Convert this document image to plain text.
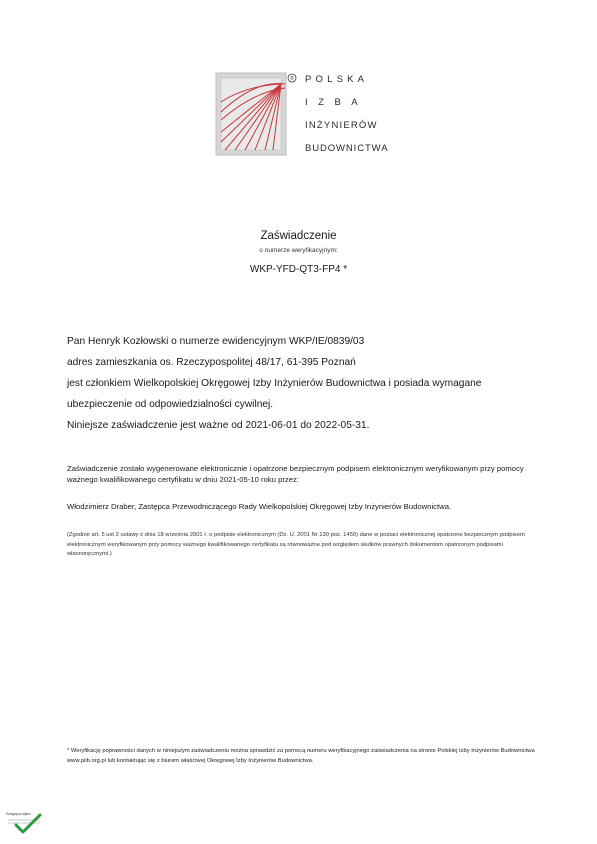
® POLSKA
IZBA
INŻYNIERÓW
BUDOWNICTWA
Zaświadczenie
o numerze weryfikacyjnym:
WKP-YFD-QT3-FP4 *
Pan Henryk Kozłowski o numerze ewidencyjnym WKP/IE/0839/03
adres zamieszkania os. Rzeczypospolitej 48/17, 61-395 Poznań
jest członkiem Wielkopolskiej Okręgowej Izby Inżynierów Budownictwa i posiada wymagane
ubezpieczenie od odpowiedzialności cywilnej.
Niniejsze zaświadczenie jest ważne od 2021-06-01 do 2022-05-31.
Zaświadczenie zostało wygenerowane elektronicznie i opatrzone bezpiecznym podpisem elektronicznym weryfikowanym przy pomocy ważnego kwalifikowanego certyfikatu w dniu 2021-05-10 roku przez:
Włodzimierz Draber, Zastępca Przewodniczącego Rady Wielkopolskiej Okręgowej Izby Inżynierów Budownictwa.
(Zgodnie art. 5 ust 2 ustawy z dnia 18 września 2001 r. o podpisie elektronicznym (Dz. U. 2001 Nr 130 poz. 1450) dane w postaci elektronicznej opatrzone bezpiecznym podpisem elektronicznym weryfikowanym przy pomocy ważnego kwalifikowanego certyfikatu są równoważne pod względem skutków prawnych dokumentom opatrzonym podpisami własnoręcznymi.)
* Weryfikację poprawności danych w niniejszym zaświadczeniu można sprawdzić za pomocą numeru weryfikacyjnego zaświadczenia na stronie Polskiej Izby Inżynierów Budownictwa www.piib.org.pl lub kontaktując się z biurem właściwej Okręgowej Izby Inżynierów Budownictwa.
Przegląd podpisu
